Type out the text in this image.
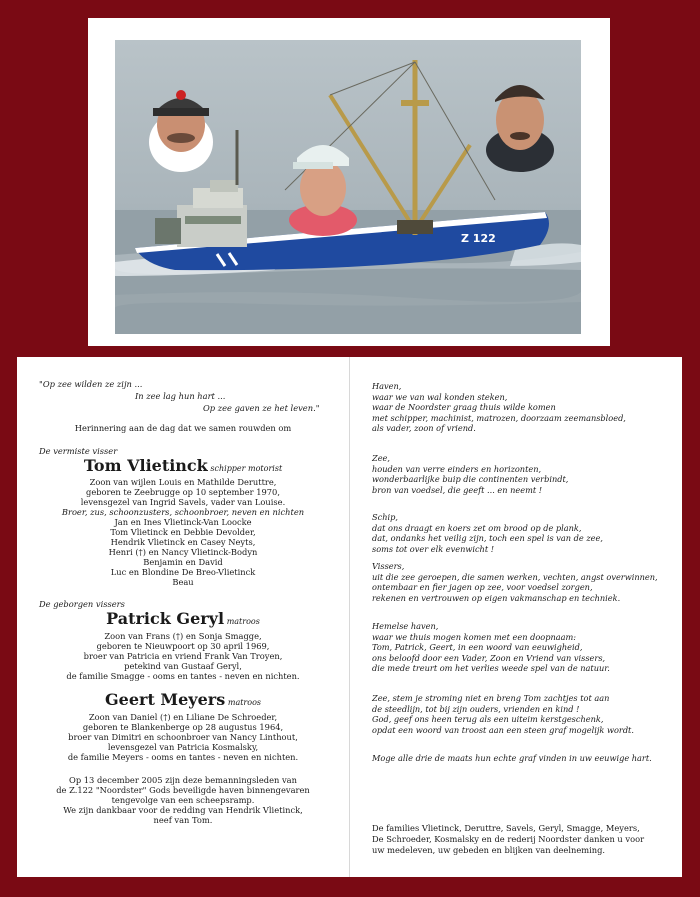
Z 122
"Op zee wilden ze zijn ...
In zee lag hun hart ...
Op zee gaven ze het leven."
Herinnering aan de dag dat we samen rouwden om
De vermiste visser
Tom Vlietinck schipper motorist
Zoon van wijlen Louis en Mathilde Deruttre,
geboren te Zeebrugge op 10 september 1970,
levensgezel van Ingrid Savels, vader van Louise.
Broer, zus, schoonzusters, schoonbroer, neven en nichten
Jan en Ines Vlietinck-Van Loocke
Tom Vlietinck en Debbie Devolder,
Hendrik Vlietinck en Casey Neyts,
Henri (†) en Nancy Vlietinck-Bodyn
Benjamin en David
Luc en Blondine De Breo-Vlietinck
Beau
De geborgen vissers
Patrick Geryl matroos
Zoon van Frans (†) en Sonja Smagge,
geboren te Nieuwpoort op 30 april 1969,
broer van Patricia en vriend Frank Van Troyen,
petekind van Gustaaf Geryl,
de familie Smagge - ooms en tantes - neven en nichten.
Geert Meyers matroos
Zoon van Daniel (†) en Liliane De Schroeder,
geboren te Blankenberge op 28 augustus 1964,
broer van Dimitri en schoonbroer van Nancy Linthout,
levensgezel van Patricia Kosmalsky,
de familie Meyers - ooms en tantes - neven en nichten.
Op 13 december 2005 zijn deze bemanningsleden van
de Z.122 "Noordster" Gods beveiligde haven binnengevaren
tengevolge van een scheepsramp.
We zijn dankbaar voor de redding van Hendrik Vlietinck,
neef van Tom.
Haven,
waar we van wal konden steken,
waar de Noordster graag thuis wilde komen
met schipper, machinist, matrozen, doorzaam zeemansbloed,
als vader, zoon of vriend.
Zee,
houden van verre einders en horizonten,
wonderbaarlijke buip die continenten verbindt,
bron van voedsel, die geeft ... en neemt !
Schip,
dat ons draagt en koers zet om brood op de plank,
dat, ondanks het veilig zijn, toch een spel is van de zee,
soms tot over elk evenwicht !
Vissers,
uit die zee geroepen, die samen werken, vechten, angst overwinnen,
ontembaar en fier jagen op zee, voor voedsel zorgen,
rekenen en vertrouwen op eigen vakmanschap en techniek.
Hemelse haven,
waar we thuis mogen komen met een doopnaam:
Tom, Patrick, Geert, in een woord van eeuwigheid,
ons beloofd door een Vader, Zoon en Vriend van vissers,
die mede treurt om het verlies weede spel van de natuur.
Zee, stem je stroming niet en breng Tom zachtjes tot aan
de steedlijn, tot bij zijn ouders, vrienden en kind !
God, geef ons heen terug als een uiteim kerstgeschenk,
opdat een woord van troost aan een steen graf mogelijk wordt.
Moge alle drie de maats hun echte graf vinden in uw eeuwige hart.
De families Vlietinck, Deruttre, Savels, Geryl, Smagge, Meyers,
De Schroeder, Kosmalsky en de rederij Noordster danken u voor
uw medeleven, uw gebeden en blijken van deelneming.
